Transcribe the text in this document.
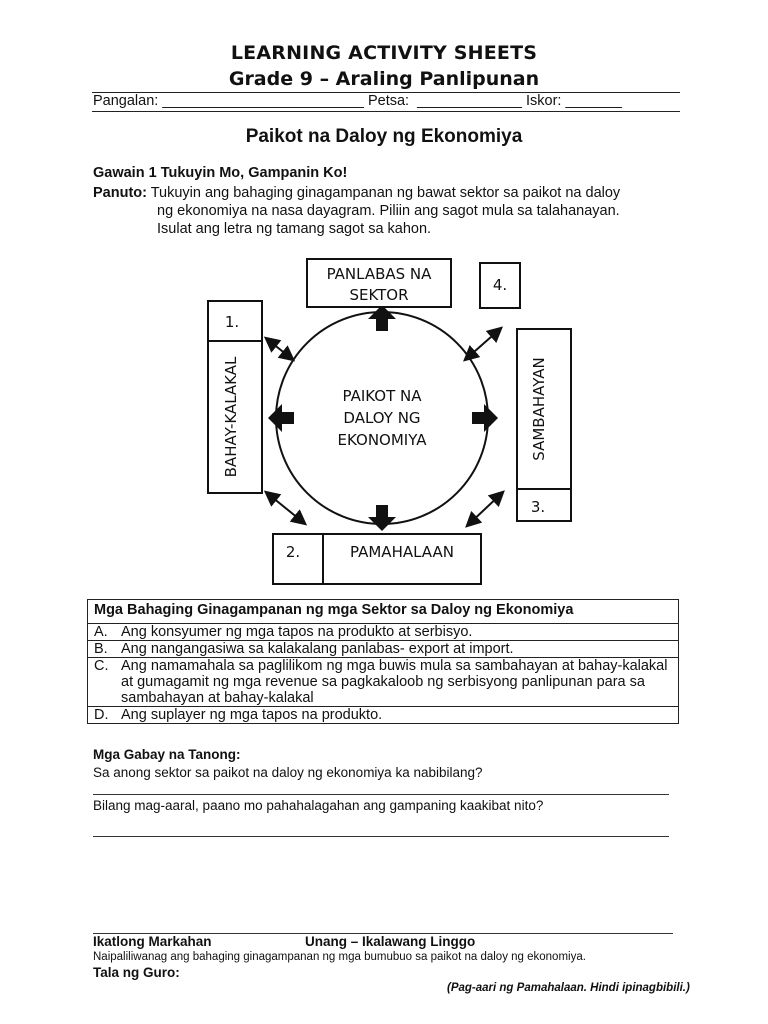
LEARNING ACTIVITY SHEETS
Grade 9 – Araling Panlipunan
Pangalan: _________________________ Petsa:  _____________ Iskor: _______
Paikot na Daloy ng Ekonomiya
Gawain 1 Tukuyin Mo, Gampanin Ko!
Panuto: Tukuyin ang bahaging ginagampanan ng bawat sektor sa paikot na daloy
ng ekonomiya na nasa dayagram. Piliin ang sagot mula sa talahanayan.
Isulat ang letra ng tamang sagot sa kahon.
PAIKOT NA
DALOY NG
EKONOMIYA
PANLABAS NA
SEKTOR
4.
1.
BAHAY-KALAKAL	SAMBAHAYAN
3.
2.	PAMAHALAAN
Mga Bahaging Ginagampanan ng mga Sektor sa Daloy ng Ekonomiya
A. Ang konsyumer ng mga tapos na produkto at serbisyo.
B. Ang nangangasiwa sa kalakalang panlabas- export at import.

C. Ang namamahala sa paglilikom ng mga buwis mula sa sambahayan at bahay-kalakal at gumagamit ng mga revenue sa pagkakaloob ng serbisyong panlipunan para sa sambahayan at bahay-kalakal

D. Ang suplayer ng mga tapos na produkto.
Mga Gabay na Tanong:
Sa anong sektor sa paikot na daloy ng ekonomiya ka nabibilang?
Bilang mag-aaral, paano mo pahahalagahan ang gampaning kaakibat nito?
Ikatlong Markahan	Unang – Ikalawang Linggo
Naipaliliwanag ang bahaging ginagampanan ng mga bumubuo sa paikot na daloy ng ekonomiya.
Tala ng Guro:
(Pag-aari ng Pamahalaan. Hindi ipinagbibili.)
